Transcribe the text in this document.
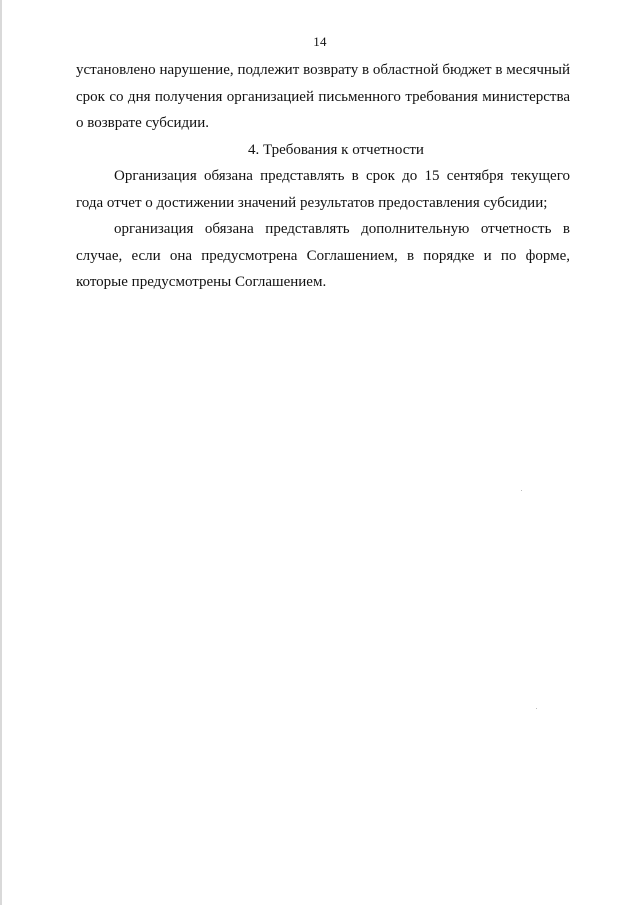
14

установлено нарушение, подлежит возврату в областной бюджет в месячный срок со дня получения организацией письменного требования министерства о возврате субсидии.

4. Требования к отчетности

Организация обязана представлять в срок до 15 сентября текущего года отчет о достижении значений результатов предоставления субсидии;

организация обязана представлять дополнительную отчетность в случае, если она предусмотрена Соглашением, в порядке и по форме, которые предусмотрены Соглашением.
